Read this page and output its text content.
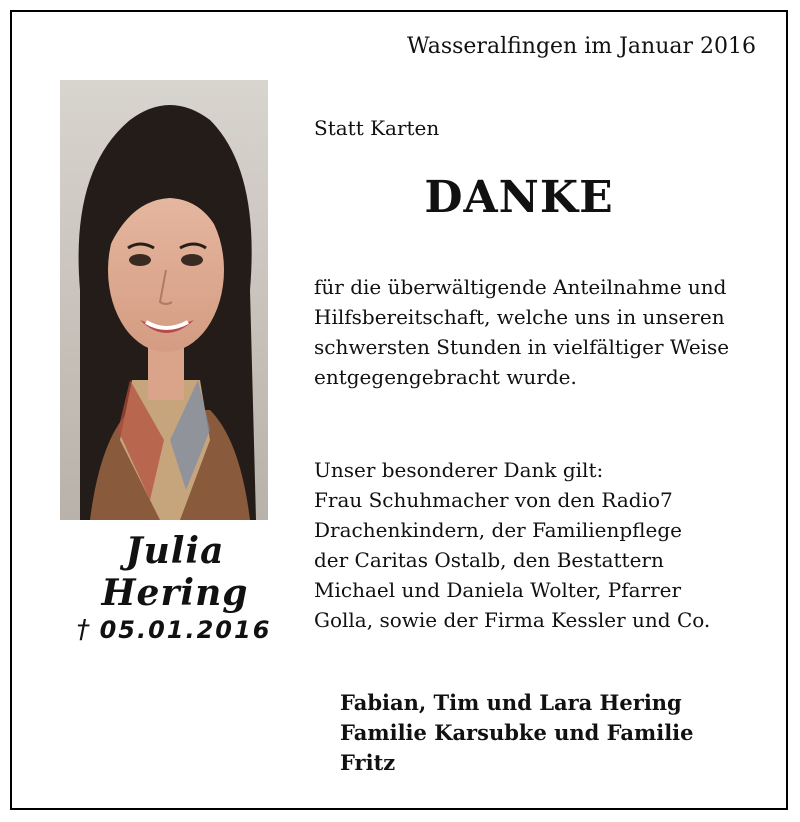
Wasseralfingen im Januar 2016
Julia Hering
† 05.01.2016
Statt Karten
DANKE

für die überwältigende Anteilnahme und Hilfsbereitschaft, welche uns in unseren schwersten Stunden in vielfältiger Weise entgegengebracht wurde.

Unser besonderer Dank gilt:
Frau Schuhmacher von den Radio7
Drachenkindern, der Familienpflege
der Caritas Ostalb, den Bestattern
Michael und Daniela Wolter, Pfarrer
Golla, sowie der Firma Kessler und Co.
Fabian, Tim und Lara Hering
Familie Karsubke und Familie
Fritz
